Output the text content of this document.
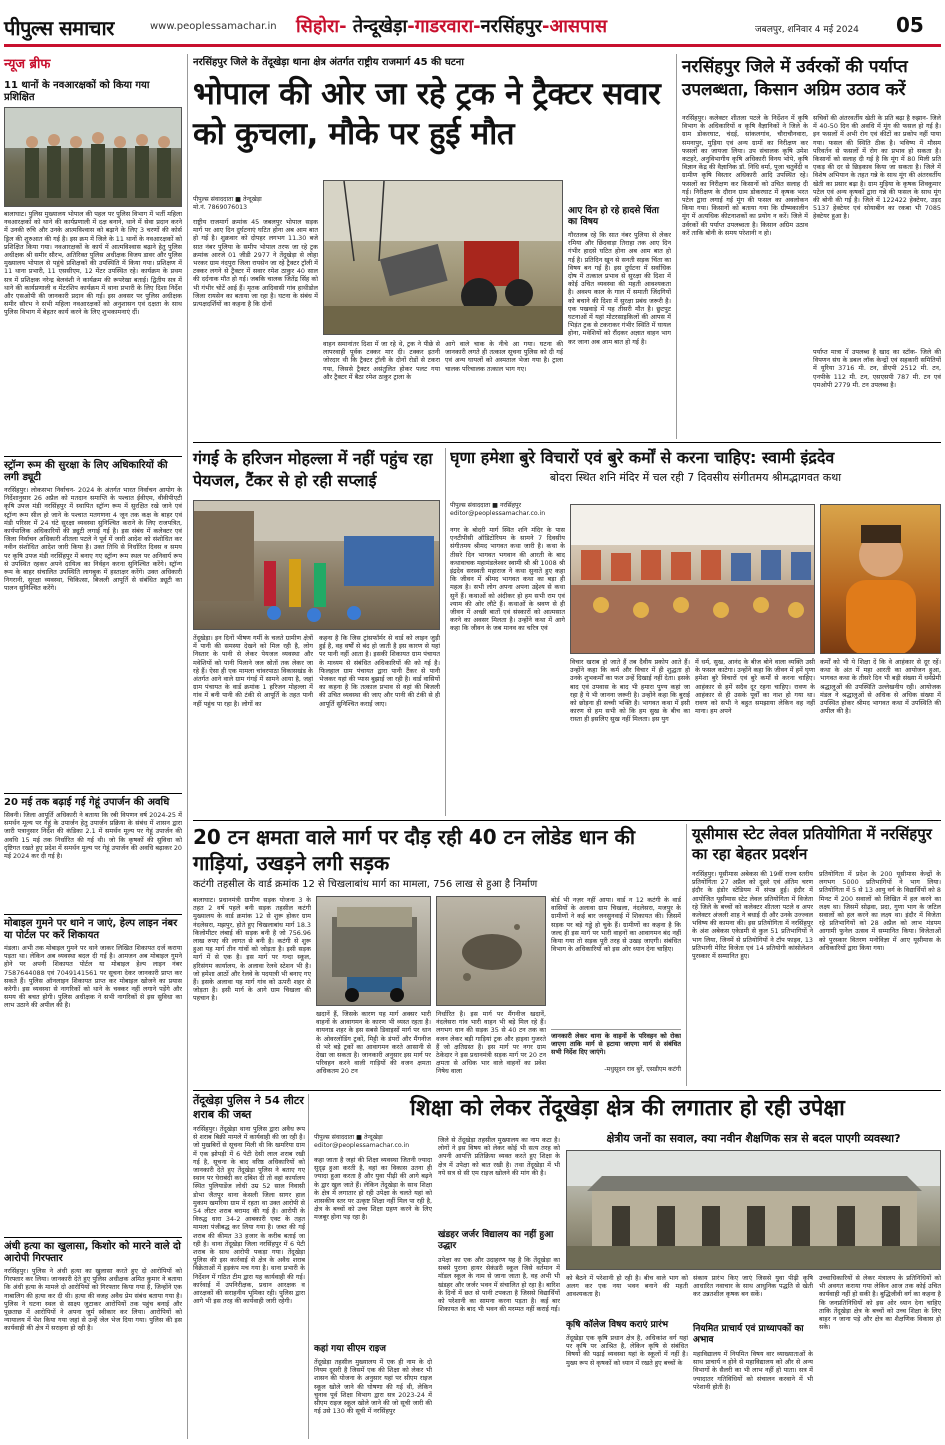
पीपुल्स समाचार	www.peoplessamachar.in सिहोरा- तेन्दूखेड़ा-गाडरवारा-नरसिंहपुर-आसपास	जबलपुर, शनिवार 4 मई 2024 05
न्यूज ब्रीफ
11 थानों के नवआरक्षकों को किया गया प्रशिक्षित
बालाघाट। पुलिस मुख्यालय भोपाल की पहल पर पुलिस विभाग में भर्ती महिला नवआरक्षकों को थाने की कार्यप्रणाली में दक्ष बनाने, थाने में सेवा प्रदान करने में उनकी रुचि और उनके आत्मविश्वास को बढ़ाने के लिए 3 चरणों की कोर्स ड्रिल की शुरुआत की गई है। इस क्रम में जिले के 11 थानों के नवआरक्षकों को प्रशिक्षित किया गया। नवआरक्षकों के कार्य में आत्मविश्वास बढ़ाने हेतु पुलिस अधीक्षक श्री समीर सौरभ, अतिरिक्त पुलिस अधीक्षक विजय डावर और पुलिस मुख्यालय भोपाल से पहुंचे प्रशिक्षकों की उपस्थिति में किया गया। प्रशिक्षण में 11 थाना प्रभारी, 11 एससीएम, 12 मेंटर उपस्थित रहे। कार्यक्रम के प्रथम सत्र में प्रशिक्षक नरेन्द्र बेलवंशी ने कार्यक्रम की रूपरेखा बताई। द्वितीय सत्र में थाने की कार्यप्रणाली व मेंटरशिप कार्यक्रम में थाना प्रभारी के लिए दिशा निर्देश और एसओपी की जानकारी प्रदान की गई। इस अवसर पर पुलिस अधीक्षक समीर सौरभ ने सभी महिला नवआरक्षकों को अनुशासन एवं दक्षता के साथ पुलिस विभाग में बेहतर कार्य करने के लिए शुभकामनाएं दीं।
स्ट्रॉन्ग रूम की सुरक्षा के लिए अधिकारियों की लगी ड्यूटी
नरसिंहपुर। लोकसभा निर्वाचन- 2024 के अंतर्गत भारत निर्वाचन आयोग के निर्देशानुसार 26 अप्रैल को मतदान समाप्ति के पश्चात ईवीएम, वीवीपीएटी कृषि उपज मंडी नरसिंहपुर में स्थापित स्ट्रॉन्ग रूम में सुरक्षित रखे जाने एवं स्ट्रॉन्ग रूम सील हो जाने के पश्चात मतगणना 4 जून तक कक्ष के बाहर एवं मंडी परिसर में 24 घंटे सुरक्षा व्यवस्था सुनिश्चित कराने के लिए राजपत्रित, कार्यपालिक अधिकारियों की ड्यूटी लगाई गई है। इस संबंध में कलेक्टर एवं जिला निर्वाचन अधिकारी शीतला पटले ने पूर्व में जारी आदेश को संशोधित कर नवीन संशोधित आदेश जारी किया है। उक्त तिथि से निर्धारित दिवस व समय पर कृषि उपज मंडी नरसिंहपुर में बनाए गए स्ट्रॉन्ग रूम स्थल पर अनिवार्य रूप से उपस्थित रहकर अपने दायित्व का निर्वहन करना सुनिश्चित करेंगे। स्ट्रॉन्ग रूम के बाहर संचालित उपस्थिति लागबुक में हस्ताक्षर करेंगे। उक्त अधिकारी निगरानी, सुरक्षा व्यवस्था, चिकित्सा, बिजली आपूर्ति से संबंधित ड्यूटी का पालन सुनिश्चित करेंगे।
20 मई तक बढ़ाई गई गेहूं उपार्जन की अवधि
सिवनी। जिला आपूर्ति अधिकारी ने बताया कि रबी विपणन वर्ष 2024-25 में समर्थन मूल्य पर गेहूं के उपार्जन हेतु उपार्जन प्रक्रिया के संबंध में शासन द्वारा जारी पत्रानुसार निर्देश की कंडिका 2.1 में समर्थन मूल्य पर गेहूं उपार्जन की अवधि 15 मई तक निर्धारित की गई थी। जो कि कृषकों की सुविधा को दृष्टिगत रखते हुए प्रदेश में समर्थन मूल्य पर गेहूं उपार्जन की अवधि बढ़ाकर 20 मई 2024 कर दी गई है।
मोबाइल गुमने पर थाने न जाएं, हेल्प लाइन नंबर या पोर्टल पर करें शिकायत
मंडला। अभी तक मोबाइल गुमने पर थाने जाकर लिखित शिकायत दर्ज कराया पड़ता था। लेकिन अब व्यवस्था बदल दी गई है। आमजन अब मोबाइल गुमने होने पर अपनी शिकायत पोर्टल या मोबाइल हेल्प लाइन नंबर 7587644088 एवं 7049141561 पर सूचना देकर जानकारी प्राप्त कर सकते हैं। पुलिस ऑनलाइन शिकायत प्राप्त कर मोबाइल खोजने का प्रयास करेगी। इस व्यवस्था से नागरिकों को थाने के चक्कर नहीं लगाने पड़ेंगे और समय की बचत होगी। पुलिस अधीक्षक ने सभी नागरिकों से इस सुविधा का लाभ उठाने की अपील की है।
अंधी हत्या का खुलासा, किशोर को मारने वाले दो आरोपी गिरफ्तार
नरसिंहपुर। पुलिस ने अंधी हत्या का खुलासा करते हुए दो आरोपियों को गिरफ्तार कर लिया। जानकारी देते हुए पुलिस अधीक्षक अमित कुमार ने बताया कि अंधी हत्या के मामले दो आरोपियों को गिरफ्तार किया गया है, जिन्होंने एक नाबालिग की हत्या कर दी थी। हत्या की वजह अवैध प्रेम संबंध बताया गया है। पुलिस ने घटना स्थल से साक्ष्य जुटाकर आरोपियों तक पहुंच बनाई और पूछताछ में आरोपियों ने अपना जुर्म स्वीकार कर लिया। आरोपियों को न्यायालय में पेश किया गया जहां से उन्हें जेल भेज दिया गया। पुलिस की इस कार्यवाही की क्षेत्र में सराहना हो रही है।
नरसिंहपुर जिले के तेंदूखेड़ा थाना क्षेत्र अंतर्गत राष्ट्रीय राजमार्ग 45 की घटना
भोपाल की ओर जा रहे ट्रक ने ट्रैक्टर सवार को कुचला, मौके पर हुई मौत
पीपुल्स संवाददाता ■ तेन्दूखेड़ा
मो.नं. 7869076013
राष्ट्रीय राजमार्ग क्रमांक 45 जबलपुर भोपाल सड़क मार्ग पर आए दिन दुर्घटनाएं घटित होना अब आम बात हो गई है। शुक्रवार को दोपहर लगभग 11.30 बजे सात नंबर पुलिया के समीप भोपाल तरफ जा रहे ट्रक क्रमांक आरजे 01 जीडी 2977 ने तेंदूखेड़ा से लोहा भरकर ग्राम नंदपुरा जिला रायसेन जा रहे ट्रैक्टर ट्रॉली में टक्कर लगने से ट्रैक्टर में सवार रमेश ठाकुर 40 साल की दर्दनाक मौत हो गई। जबकि चालक जितेंद्र सिंह को भी गंभीर चोटें आई हैं। मृतक आदिवासी गांव हाथीडोल जिला रायसेन का बताया जा रहा है। घटना के संबंध में प्रत्यक्षदर्शियों का कहना है कि दोनों
वाहन समानांतर दिशा में जा रहे थे, ट्रक ने पीछे से लापरवाही पूर्वक टक्कर मार दी। टक्कर इतनी जोरदार थी कि ट्रैक्टर ट्रॉली के दोनों रोडों से टकरा गया, जिससे ट्रैक्टर असंतुलित होकर पलट गया और ट्रैक्टर में बैठा रमेश ठाकुर ट्राला के
आगे वाले चाक के नीचे आ गया। घटना की जानकारी लगते ही तत्काल सूचना पुलिस को दी गई एवं अन्य घायलों को अस्पताल भेजा गया है। ट्राला चालक परिचालक तत्काल भाग गए।
आए दिन हो रहे हादसे चिंता का विषय
गौरतलब रहे कि सात नंबर पुलिया से लेकर रमिया और छिंदवाड़ा तिराहा तक आए दिन गंभीर हादसे घटित होना अब आम बात हो गई है। प्रतिदिन खून से सनती सड़क चिंता का विषय बन गई है। इस दुर्घटना में सर्वाधिक दोष में तत्काल प्रभाव से सुरक्षा की दिशा में कोई उचित व्यवस्था की महती आवश्यकता है। अवश्य काल के गाल में समाती जिंदगियों को बचाने की दिशा में सुरक्षा प्रबंध जरूरी है। एक पखवाड़े में यह तीसरी मौत है। छुटपुट घटनाओं में यहां मोटरसाइकिलों की आपस में भिड़ंत ट्रक से टकराकर गंभीर स्थिति में घायल होना, मवेशियों को रौंदकर अज्ञात वाहन भाग कर जाना अब आम बात हो गई है।
नरसिंहपुर जिले में उर्वरकों की पर्याप्त उपलब्धता, किसान अग्रिम उठाव करें
नरसिंहपुर। कलेक्टर शीतला पटले के निर्देशन में कृषि विभाग के अधिकारियों व कृषि वैज्ञानिकों ने जिले के ग्राम डोकरघाट, चंदई, सांकलगांव, चौराचौनवारा, समनापुर, मुड़िया एवं अन्य ग्रामों का निरीक्षण कर फसलों का जायजा लिया। उप संचालक कृषि उमेश कटहरे, अनुविभागीय कृषि अधिकारी विनय भोपे, कृषि विज्ञान केंद्र की वैज्ञानिक डॉ. निधि वर्मा, पूजा चतुर्वेदी व ग्रामीण कृषि विस्तार अधिकारी आदि उपस्थित रहे। फसलों का निरीक्षण कर किसानों को उचित सलाह दी गई। निरीक्षण के दौरान ग्राम डोकरघाट में कृषक भरत पटेल द्वारा लगाई गई मूंग की फसल का अवलोकन किया गया। किसानों को बताया गया कि ग्रीष्मकालीन मूंग में अत्यधिक कीटनाशकों का प्रयोग न करें। जिले में उर्वरकों की पर्याप्त उपलब्धता है। किसान अग्रिम उठाव करें ताकि बोनी के समय परेशानी न हो।
सचिवों की अंतरवर्तीय खेती के प्रति बढ़ा है रुझान- जिले में 40-50 दिन की अवधि में मूंग की फसल हो गई है। इन फसलों में अभी रोग एवं कीटों का प्रकोप नहीं पाया गया। फसल की स्थिति ठीक है। भविष्य में मौसम परिवर्तन से फसलों में रोग का प्रभाव हो सकता है। किसानों को सलाह दी गई है कि मूंग में 80 मिली प्रति एकड़ की दर से छिड़काव किया जा सकता है। जिले में विशेष अभियान के तहत गन्ने के साथ मूंग की अंतरवर्तीय खेती का प्रसार बढ़ा है। ग्राम मुड़िया के कृषक शिवकुमार पटेल एवं अन्य कृषकों द्वारा गन्ने की फसल के साथ मूंग की बोनी की गई है। जिले में 122422 हेक्टेयर, उड़द 5137 हेक्टेयर एवं सोयाबीन का रकबा भी 7085 हेक्टेयर हुआ है।
पर्याप्त मात्रा में उपलब्ध है खाद का स्टॉक- जिले की विपणन संघ के डबल लॉक केन्द्रों एवं सहकारी समितियों में यूरिया 3716 मी. टन, डीएपी 2512 मी. टन, एनपीके 112 मी. टन, एसएसपी 787 मी. टन एवं एमओपी 2779 मी. टन उपलब्ध है।
गंगई के हरिजन मोहल्ला में नहीं पहुंच रहा पेयजल, टैंकर से हो रही सप्लाई
तेंदूखेड़ा। इन दिनों भीषण गर्मी के चलते ग्रामीण क्षेत्रों में पानी की समस्या देखने को मिल रही है, लोग निस्तार के पानी से लेकर पेयजल व्यवस्था और मवेशियों को पानी पिलाने जल स्रोतों तक लेकर जा रहे हैं। ऐसा ही एक मामला चांवरपाठा विकासखंड के अंतर्गत आने वाले ग्राम गंगई में सामने आया है, जहां ग्राम पंचायत के वार्ड क्रमांक 1 हरिजन मोहल्ला में गांव में बनी पानी की टंकी से आपूर्ति के तहत पानी नहीं पहुंच पा रहा है। लोगों का
कहना है कि जिस ट्रांसफॉर्मर से वार्ड को लाइन जुड़ी हुई है, वह वर्षों से बंद हो जाती है इस कारण से यहां पर पानी नहीं आता है। इसकी शिकायत ग्राम पंचायत के माध्यम से संबंधित अधिकारियों की को गई है। फिलहाल ग्राम पंचायत द्वारा पानी टैंकर से पानी भेजकर यहां की प्यास बुझाई जा रही है। वार्ड वासियों का कहना है कि तत्काल प्रभाव से वहां की बिजली की उचित व्यवस्था की जाए और पानी की टंकी से ही आपूर्ति सुनिश्चित कराई जाए।
घृणा हमेशा बुरे विचारों एवं बुरे कर्मों से करना चाहिए: स्वामी इंद्रदेव
बोदरा स्थित शनि मंदिर में चल रही 7 दिवसीय संगीतमय श्रीमद्भागवत कथा
पीपुल्स संवाददाता ■ नरसिंहपुर
editor@peoplessamachar.co.in
नगर के बोदरी मार्ग स्थित शनि मंदिर के पास एनटीपीसी ऑडिटोरियम के सामने 7 दिवसीय संगीतमय श्रीमद भागवत कथा जारी है। कथा के तीसरे दिन भागवत भगवान की आरती के बाद कथावाचक महामंडलेश्वर स्वामी श्री श्री 1008 श्री इंद्रदेव सरस्वती महाराज ने कथा सुनाते हुए कहा कि जीवन में श्रीमद भागवत कथा का बड़ा ही महत्व है। सभी लोग अपना अपना उद्देश्य से कथा सुनें हैं। कथाओं को अंदीकर हो हम सभी राम एवं श्याम की ओर लौटे हैं। कथाओं के श्रवण से ही जीवन में अच्छी बातों एवं संस्कारों को आत्मसात करने का अवसर मिलता है। उन्होंने कथा में आगे कहा कि जीवन के जब मानव का चरित्र एवं
विचार खराब हो जाते हैं तब दैवीय प्रकोप आते हैं। उन्होंने कहा कि कर्म और विचार में ही शुद्धता हो उनके शुभकर्मों का फल उन्हें दिखाई नहीं देता। इसके बाद एवं उपवास के बाद भी हमारा पुण्य कहां जा रहा है ये भी जानना जरूरी है। उन्होंने कहा कि बुराई को छोड़ना ही सच्ची भक्ति है। भागवत कथा में इसी कारण से हम सभी को कि हम सुख के बीच का रास्ता ही इसलिए सुख नहीं मिलता। इस युग
में धर्म, सुख, आनंद के बीज बोने वाला व्यक्ति उसी के फसल काटेगा। उन्होंने कहा कि जीवन में हमें घृणा हमेशा बुरे विचारों एवं बुरे कर्मों से करना चाहिए। आहंकार से हमें सदैव दूर रहना चाहिए। रावण के आहंकार से ही उसके पूर्वों का नाश हो गया था। रावण को सभी ने बहुत समझाया लेकिन वह नहीं माना। हम अपने
कर्मों को भी ये शिक्षा दें कि वे आहंकार से दूर रहें। कथा के अंत में महा आरती का आयोजन हुआ, भागवत कथा के तीसरे दिन भी बड़ी संख्या में धर्मप्रेमी श्रद्धालुओं की उपस्थिति उल्लेखनीय रही। आयोजक मंडल ने श्रद्धालुओं से अधिक से अधिक संख्या में उपस्थित होकर श्रीमद भागवत कथा में उपस्थिति की अपील की है।
20 टन क्षमता वाले मार्ग पर दौड़ रही 40 टन लोडेड धान की गाड़ियां, उखड़ने लगी सड़क
कटंगी तहसील के वार्ड क्रमांक 12 से चिखलाबांध मार्ग का मामला, 756 लाख से हुआ है निर्माण
बालाघाट। प्रधानमंत्री ग्रामीण सड़क योजना 3 के तहत 2 वर्ष पहले बनी सड़क तहसील कटंगी मुख्यालय के वार्ड क्रमांक 12 से शुरू होकर ग्राम नंदलेसरा, मझपुर, होते हुए चिखलाबांध मार्ग 18.3 किलोमीटर लंबाई की सड़क बनी है जो 756.96 लाख रुपए की लागत से बनी है। कटंगी से शुरू हुआ यह मार्ग तीन गांवों को जोड़ता है। इसी सड़क मार्ग में से एक है। इस मार्ग पर गन्दा स्कूल, हरिसंगम कार्यालय, के अलावा रेलवे स्टेशन भी है। जो हमेशा आठों और रेलवे के पदयात्री भी बनाए गए हैं। इसके अलावा यह मार्ग गांव को ऊपरी शहर से जोड़ता है। इसी मार्ग के आगे ग्राम चिखला की पहचान है।
खदानें हैं, जिसके कारण यह मार्ग अक्सर भारी वाहनों के आवागमन के कारण भी व्यस्त रहता है। वायनाड शहर के इस सबसे डिवाइसों मार्ग पर धान के ओवरलोडिंग ट्रकों, मिट्टी के डंपरों और मैंगनीज से भरे बड़े ट्रकों का आवागमन करते आसानी से देखा जा सकता है। जानकारी अनुसार इस मार्ग पर परिवहन करने वाली गाड़ियों की वजन क्षमता अधिकतम 20 टन
निर्धारित है। इस मार्ग पर मैंगनीज खदानें, नंदलेसरा गांव भारी वाहन भी बड़े मिल रहे हैं। लगभग धान की सड़क 35 से 40 टन तक का वजन लेकर बड़ी गाड़ियां ट्रक और हाइवा गुजरते हैं जो क्षतिग्रस्त है। इस मार्ग पर नगर ग्राम ठेकेदार ने इस प्रधानमंत्री सड़क मार्ग पर 20 टन क्षमता से अधिक भार वाले वाहनों का प्रवेश निषेध वाला
बोर्ड भी नज़र नहीं आया। वार्ड न 12 कटंगी के वार्ड वासियों के अलावा ग्राम चिखला, नंदलेसरा, मजपुर के ग्रामीणों ने कई बार जनसुनवाई में शिकायत की। जिसमें सड़क पर बड़े गड्ढे हो चुके हैं। ग्रामीणों का कहना है कि जल्द ही इस मार्ग पर भारी वाहनों का आवागमन बंद नहीं किया गया तो सड़क पूरी तरह से उखड़ जाएगी। संबंधित विभाग के अधिकारियों को इस ओर ध्यान देना चाहिए।
जानकारी लेकर थाना के वाहनों के परिवहन को रोका जाएगा ताकि मार्ग से हटाया जाएगा मार्ग से संबंधित सभी निर्देश दिए जाएंगे।
-मधुसूदन राव बुर्रे, एसडीएम कटंगी
यूसीमास स्टेट लेवल प्रतियोगिता में नरसिंहपुर का रहा बेहतर प्रदर्शन
नरसिंहपुर। यूसीमास अबेकस की 19वीं राज्य स्तरीय प्रतियोगिता 27 अप्रैल को दूसरे एवं अंतिम चरण इंदौर के इंडोर स्टेडियम में संपन्न हुई। इंदौर में आयोजित यूसीमास स्टेट लेवल प्रतियोगिता में विजेता रहे जिले के बच्चों को कलेक्टर शीतला पटले व अपर कलेक्टर अंजली शाह ने बधाई दी और उनके उज्ज्वल भविष्य की कामना की। इस प्रतियोगिता में नरसिंहपुर के अंश अबेकस एकेडमी से कुल 51 प्रतिभागियों ने भाग लिया, जिनमें से प्रतियोगियों ने टॉप फाइव, 13 प्रतिभागी मेरिट विजेता एवं 14 प्रतियोगी कांसोलेशन पुरस्कार में सम्मानित हुए।
प्रतियोगिता में प्रदेश के 200 यूसीमास केन्द्रों के लगभग 5000 प्रतिभागियों ने भाग लिया। प्रतियोगिता में 5 से 13 आयु वर्ग के विद्यार्थियों को 8 मिनट में 200 सवालों को लिखित में हल करने का लक्ष्य था। जिसमें सोढ़वा, प्रदा, गुणा भाग के जटिल सवालों को हल करने का लक्ष्य था। इंदौर में विजेता रहे प्रतिभागियों को 28 अप्रैल को लाभ मंडपम आगामी फुनेल उत्सव में सम्मानित किया। विजेताओं को पुरस्कार वितरण मनोविज्ञा में आए यूसीमास के अधिकारियों द्वारा किया गया।
तेंदूखेड़ा पुलिस ने 54 लीटर शराब की जब्त
नरसिंहपुर। तेंदूखेड़ा थाना पुलिस द्वारा अवैध रूप से शराब बिक्री मामले में कार्यवाही की जा रही है। जो मुखबिरों से सूचना मिली थी कि खमरिया ग्राम में एक झोपड़ी में 6 पेटी देसी लाल शराब रखी गई है, सूचना के बाद वरिष्ठ अधिकारियों को जानकारी देते हुए तेंदूखेड़ा पुलिस ने बताए गए स्थान पर घेराबंदी कर दबिश दी तो वहां कार्यालय स्थित पुलियाडेंज लोधी उम्र 52 साल निवासी डोभा जैतपुर थाना केसली जिला सागर हाल मुकाम खमरिया ग्राम में रहता था उक्त आरोपी से 54 लीटर शराब बरामद की गई है। आरोपी के विरुद्ध धारा 34-2 आबकारी एक्ट के तहत मामला पंजीबद्ध कर लिया गया है। जब्त की गई शराब की कीमत 33 हजार के करीब बताई जा रही है। थाना तेंदूखेड़ा जिला नरसिंहपुर में 6 पेटी शराब के साथ आरोपी पकड़ा गया। तेंदूखेड़ा पुलिस की इस कार्रवाई से क्षेत्र के अवैध शराब विक्रेताओं में हड़कंप मच गया है। थाना प्रभारी के निर्देशन में गठित टीम द्वारा यह कार्यवाही की गई। कार्रवाई में उपनिरीक्षक, प्रधान आरक्षक व आरक्षकों की सराहनीय भूमिका रही। पुलिस द्वारा आगे भी इस तरह की कार्यवाही जारी रहेगी।
शिक्षा को लेकर तेंदूखेड़ा क्षेत्र की लगातार हो रही उपेक्षा
पीपुल्स संवाददाता ■ तेन्दूखेड़ा
editor@peoplessamachar.co.in
कहा जाता है जहां की शिक्षा व्यवस्था जितनी ज्यादा सुदृढ़ हुआ करती है, वहां का विकास उतना ही ज्यादा हुआ करता है और युवा पीढ़ी की आगे बढ़ने के द्वार खुल जाते हैं। लेकिन तेंदूखेड़ा के साथ शिक्षा के क्षेत्र में लगातार हो रही उपेक्षा के चलते यहां को शासकीय स्तर पर उत्कृष्ट शिक्षा नहीं मिल पा रही है, क्षेत्र के बच्चों को उच्च शिक्षा ग्रहण करने के लिए मजबूर होना पड़ रहा है।
कहां गया सीएम राइज
तेंदूखेड़ा तहसील मुख्यालय में एक ही नाम के दो नियम दूसरी है जिसमें एक की शिक्षा को लेकर भी शासन की योजना के अनुसार यहां पर सीएम राइज स्कूल खोले जाने की घोषणा की गई थी, लेकिन चुनाव पूर्व शिक्षा विभाग द्वारा सत्र 2023-24 में सीएम राइज स्कूल खोले जाने की जो सूची जारी की गई उसे 130 की सूची में नरसिंहपुर
जिले से तेंदूखेड़ा तहसील मुख्यालय का नाम कटा है। लोगों ने इस विषय को लेकर कोई भी सत्य तरह को अपनी आपत्ति प्रतिक्रिया व्यक्त करते हुए शिक्षा के क्षेत्र में उपेक्षा को बात रखी है। तथा तेंदूखेड़ा में भी नये सत्र से सी एम राइज खोलने की मांग की है।
खंडहर जर्जर विद्यालय का नहीं हुआ उद्धार
उपेक्षा का एक और उदाहरण यह है कि तेंदूखेड़ा का सबसे पुराना हायर सेकंडरी स्कूल जिसे वर्तमान में मॉडल स्कूल के नाम से जाना जाता है, वह अभी भी खंडहर और जर्जर भवन में संचालित हो रहा है। बारिश के दिनों में छत से पानी टपकता है जिससे विद्यार्थियों को परेशानी का सामना करना पड़ता है। कई बार शिकायत के बाद भी भवन की मरम्मत नहीं कराई गई।
क्षेत्रीय जनों का सवाल, क्या नवीन शैक्षणिक सत्र से बदल पाएगी व्यवस्था?
को बैठने में परेशानी हो रही है। बीच वाले भाग को अलग कर एक नया भवन बनाने की महती आवश्यकता है।
कृषि कॉलेज विषय कराएं प्रारंभ
तेंदूखेड़ा एक कृषि प्रधान क्षेत्र है, अधिकांश वर्ग यहां पर कृषि पर आश्रित है, लेकिन कृषि से संबंधित विषयों की पढ़ाई व्यवस्था यहां के स्कूलों में नहीं है। मुख्य रूप से कृषकों को ध्यान में रखते हुए बच्चों के
संकाय प्रारंभ किए जाएं जिससे युवा पीढ़ी कृषि आधारित नवाचार के साथ आधुनिक पद्धति से खेती कर उन्नतशील कृषक बन सकें।
नियमित प्राचार्य एवं प्राध्यापकों का अभाव
महाविद्यालय में नियमित विषय वार व्याख्याताओं के साथ प्राचार्य न होने से महाविद्यालय को और से अन्य विभागों के सैलरी का भी लाभ नहीं हो पाता। सत्र में ज्यादातर गतिविधियों को संचालन करवाने में भी परेशानी होती है।
उच्चाधिकारियों से लेकर मंत्रालय के प्रतिनिधियों को भी अवगत कराया गया लेकिन आज तक कोई उचित कार्यवाही नहीं हो सकी है। बुद्धिजीवी वर्ग का कहना है कि जनप्रतिनिधियों को इस ओर ध्यान देना चाहिए ताकि तेंदूखेड़ा क्षेत्र के बच्चों को उच्च शिक्षा के लिए बाहर न जाना पड़े और क्षेत्र का शैक्षणिक विकास हो सके।
